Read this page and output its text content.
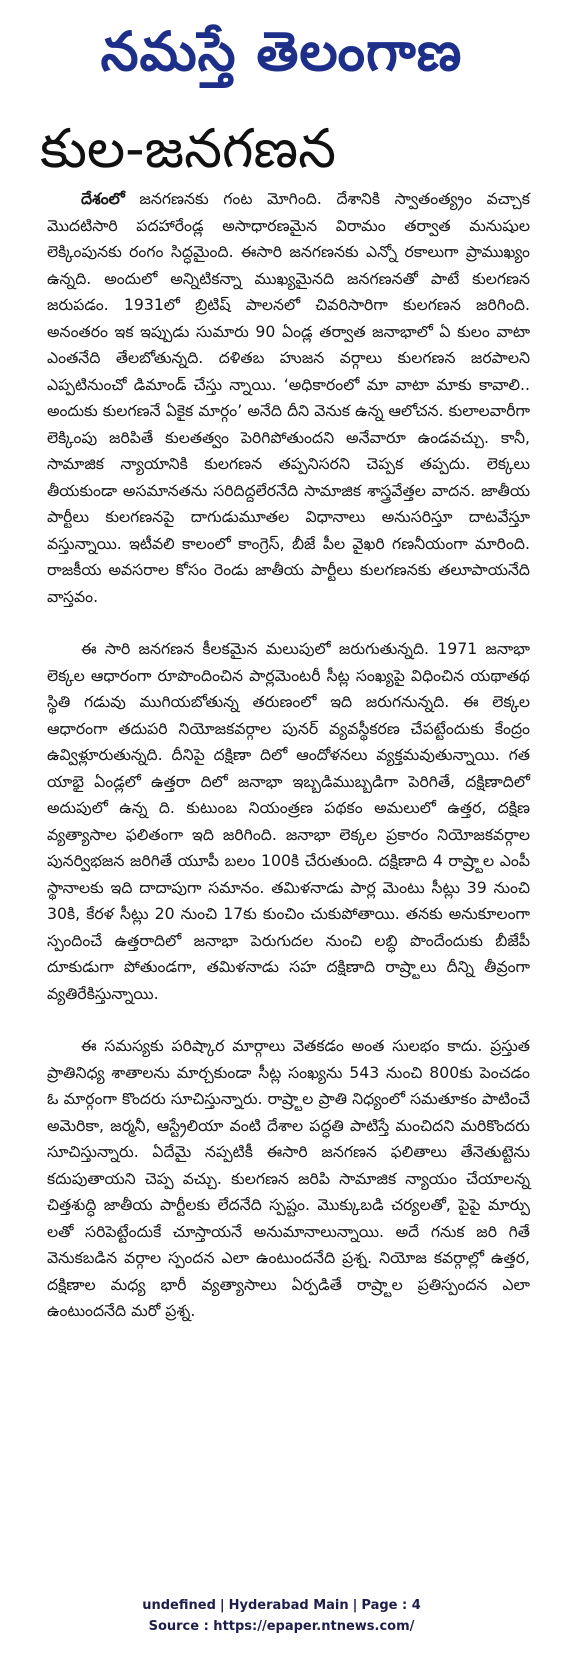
నమస్తే తెలంగాణ
కుల-జనగణన

దేశంలో జనగణనకు గంట మోగింది. దేశానికి స్వాతంత్య్రం వచ్చాక మొదటిసారి పదహారేండ్ల అసాధారణమైన విరామం తర్వాత మనుషుల లెక్కింపునకు రంగం సిద్ధమైంది. ఈసారి జనగణనకు ఎన్నో రకాలుగా ప్రాముఖ్యం ఉన్నది. అందులో అన్నిటికన్నా ముఖ్యమైనది జనగణనతో పాటే కులగణన జరుపడం. 1931లో బ్రిటిష్ పాలనలో చివరిసారిగా కులగణన జరిగింది. అనంతరం ఇక ఇప్పుడు సుమారు 90 ఏండ్ల తర్వాత జనాభాలో ఏ కులం వాటా ఎంతనేది తేలబోతున్నది. దళితబ హుజన వర్గాలు కులగణన జరపాలని ఎప్పటినుంచో డిమాండ్ చేస్తు న్నాయి. ‘అధికారంలో మా వాటా మాకు కావాలి.. అందుకు కులగణనే ఏకైక మార్గం’ అనేది దీని వెనుక ఉన్న ఆలోచన. కులాలవారీగా లెక్కింపు జరిపితే కులతత్వం పెరిగిపోతుందని అనేవారూ ఉండవచ్చు. కానీ, సామాజిక న్యాయానికి కులగణన తప్పనిసరని చెప్పక తప్పదు. లెక్కలు తీయకుండా అసమానతను సరిదిద్దలేరనేది సామాజిక శాస్త్రవేత్తల వాదన. జాతీయ పార్టీలు కులగణనపై దాగుడుమూతల విధానాలు అనుసరిస్తూ దాటవేస్తూ వస్తున్నాయి. ఇటీవలి కాలంలో కాంగ్రెస్, బీజే పీల వైఖరి గణనీయంగా మారింది. రాజకీయ అవసరాల కోసం రెండు జాతీయ పార్టీలు కులగణనకు తలూపాయనేది వాస్తవం.

ఈ సారి జనగణన కీలకమైన మలుపులో జరుగుతున్నది. 1971 జనాభా లెక్కల ఆధారంగా రూపొందించిన పార్లమెంటరీ సీట్ల సంఖ్యపై విధించిన యథాతథ స్థితి గడువు ముగియబోతున్న తరుణంలో ఇది జరుగనున్నది. ఈ లెక్కల ఆధారంగా తదుపరి నియోజకవర్గాల పునర్ వ్యవస్థీకరణ చేపట్టేందుకు కేంద్రం ఉవ్విళ్లూరుతున్నది. దీనిపై దక్షిణా దిలో ఆందోళనలు వ్యక్తమవుతున్నాయి. గత యాభై ఏండ్లలో ఉత్తరా దిలో జనాభా ఇబ్బడిముబ్బడిగా పెరిగితే, దక్షిణాదిలో అదుపులో ఉన్న ది. కుటుంబ నియంత్రణ పథకం అమలులో ఉత్తర, దక్షిణ వ్యత్యాసాల ఫలితంగా ఇది జరిగింది. జనాభా లెక్కల ప్రకారం నియోజకవర్గాల పునర్విభజన జరిగితే యూపీ బలం 100కి చేరుతుంది. దక్షిణాది 4 రాష్ర్టాల ఎంపీ స్థానాలకు ఇది దాదాపుగా సమానం. తమిళనాడు పార్ల మెంటు సీట్లు 39 నుంచి 30కి, కేరళ సీట్లు 20 నుంచి 17కు కుంచిం చుకుపోతాయి. తనకు అనుకూలంగా స్పందించే ఉత్తరాదిలో జనాభా పెరుగుదల నుంచి లబ్ధి పొందేందుకు బీజేపీ దూకుడుగా పోతుండగా, తమిళనాడు సహ దక్షిణాది రాష్ర్టాలు దీన్ని తీవ్రంగా వ్యతిరేకిస్తున్నాయి.

ఈ సమస్యకు పరిష్కార మార్గాలు వెతకడం అంత సులభం కాదు. ప్రస్తుత ప్రాతినిధ్య శాతాలను మార్చకుండా సీట్ల సంఖ్యను 543 నుంచి 800కు పెంచడం ఓ మార్గంగా కొందరు సూచిస్తున్నారు. రాష్ర్టాల ప్రాతి నిధ్యంలో సమతూకం పాటించే అమెరికా, జర్మనీ, ఆస్ట్రేలియా వంటి దేశాల పద్ధతి పాటిస్తే మంచిదని మరికొందరు సూచిస్తున్నారు. ఏదేమై నప్పటికీ ఈసారి జనగణన ఫలితాలు తేనెతుట్టెను కదుపుతాయని చెప్ప వచ్చు. కులగణన జరిపి సామాజిక న్యాయం చేయాలన్న చిత్తశుద్ధి జాతీయ పార్టీలకు లేదనేది స్పష్టం. మొక్కుబడి చర్యలతో, పైపై మార్పు లతో సరిపెట్టేందుకే చూస్తాయనే అనుమానాలున్నాయి. అదే గనుక జరి గితే వెనుకబడిన వర్గాల స్పందన ఎలా ఉంటుందనేది ప్రశ్న. నియోజ కవర్గాల్లో ఉత్తర, దక్షిణాల మధ్య భారీ వ్యత్యాసాలు ఏర్పడితే రాష్ర్టాల ప్రతిస్పందన ఎలా ఉంటుందనేది మరో ప్రశ్న.

undefined | Hyderabad Main | Page : 4
Source : https://epaper.ntnews.com/
